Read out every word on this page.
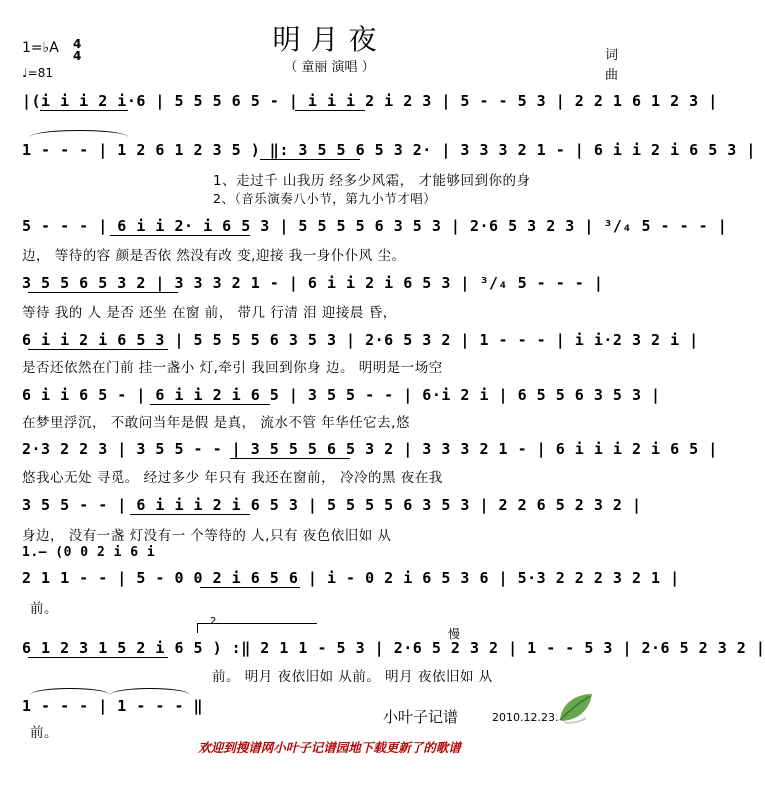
明月夜
（ 童丽 演唱 ）
1=♭A 4
4
♩=81
词
曲
|(i i i 2 i·6 | 5 5 5 6 5 - | i i i 2 i 2 3 | 5 - - 5 3 | 2 2 1 6 1 2 3 |
1 - - - | 1 2 6 1 2 3 5 ) ‖: 3 5 5 6 5 3 2· | 3 3 3 2 1 - | 6 i i 2 i 6 5 3 |
1、走过千 山我历 经多少风霜， 才能够回到你的身
2、（音乐演奏八小节，第九小节才唱）
5 - - - | 6 i i 2· i 6 5 3 | 5 5 5 5 6 3 5 3 | 2·6 5 3 2 3 | ³/₄ 5 - - - |
边， 等待的容 颜是否依 然没有改 变,迎接 我一身仆仆风 尘。
3 5 5 6 5 3 2 | 3 3 3 2 1 - | 6 i i 2 i 6 5 3 | ³/₄ 5 - - - |
等待 我的 人 是否 还坐 在窗 前， 带几 行清 泪 迎接晨 昏，
6 i i 2 i 6 5 3 | 5 5 5 5 6 3 5 3 | 2·6 5 3 2 | 1 - - - | i i·2 3 2 i |
是否还依然在门前 挂一盏小 灯,牵引 我回到你身 边。 明明是一场空
6 i i 6 5 - | 6 i i 2 i 6 5 | 3 5 5 - - | 6·i 2 i | 6 5 5 6 3 5 3 |
在梦里浮沉， 不敢问当年是假 是真， 流水不管 年华任它去,悠
2·3 2 2 3 | 3 5 5 - - | 3 5 5 5 6 5 3 2 | 3 3 3 2 1 - | 6 i i i 2 i 6 5 |
悠我心无处 寻觅。 经过多少 年只有 我还在窗前， 冷冷的黑 夜在我
3 5 5 - - | 6 i i i 2 i 6 5 3 | 5 5 5 5 6 3 5 3 | 2 2 6 5 2 3 2 |
身边， 没有一盏 灯没有一 个等待的 人,只有 夜色依旧如 从
1.— (0 0 2 i 6 i
2 1 1 - - | 5 - 0 0 2 i 6 5 6 | i - 0 2 i 6 5 3 6 | 5·3 2 2 2 3 2 1 |
前。
2.
慢
6 1 2 3 1 5 2 i 6 5 ) :‖ 2 1 1 - 5 3 | 2·6 5 2 3 2 | 1 - - 5 3 | 2·6 5 2 3 2 |
前。 明月 夜依旧如 从前。 明月 夜依旧如 从
1 - - - | 1 - - - ‖
前。
小叶子记谱	2010.12.23.
欢迎到搜谱网小叶子记谱园地下载更新了的歌谱
